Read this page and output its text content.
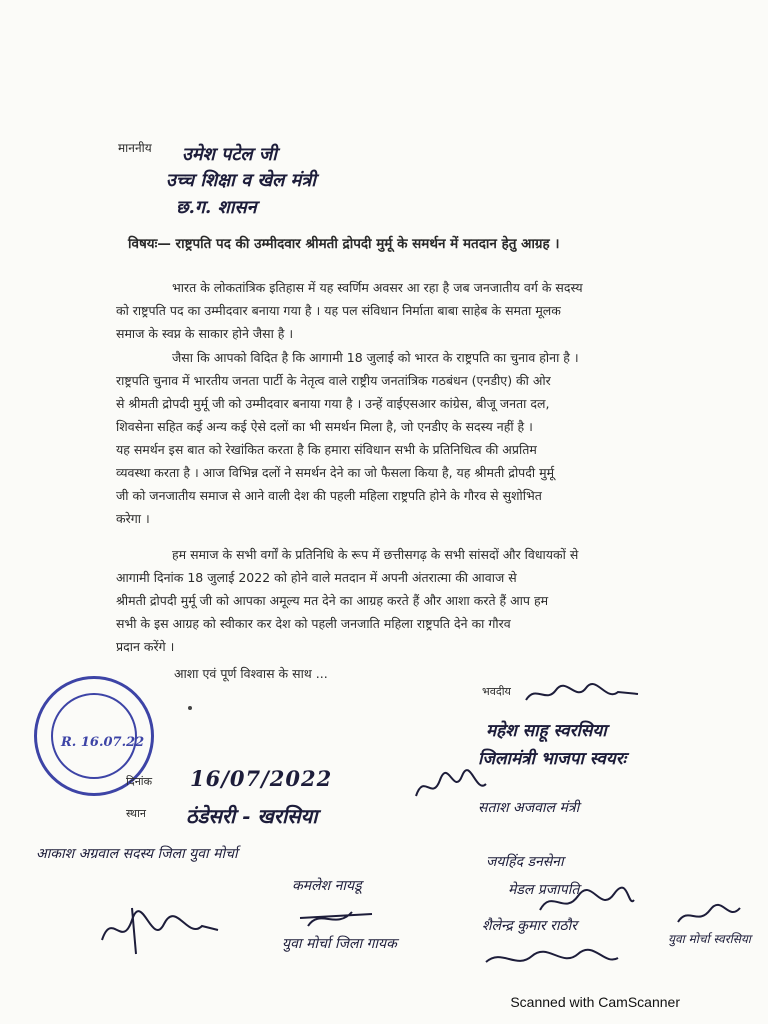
माननीय उमेश पटेल जी
उच्च शिक्षा व खेल मंत्री
छ.ग. शासन
विषयः— राष्ट्रपति पद की उम्मीदवार श्रीमती द्रोपदी मुर्मू के समर्थन में मतदान हेतु आग्रह ।
भारत के लोकतांत्रिक इतिहास में यह स्वर्णिम अवसर आ रहा है जब जनजातीय वर्ग के सदस्य
को राष्ट्रपति पद का उम्मीदवार बनाया गया है । यह पल संविधान निर्माता बाबा साहेब के समता मूलक
समाज के स्वप्न के साकार होने जैसा है ।
जैसा कि आपको विदित है कि आगामी 18 जुलाई को भारत के राष्ट्रपति का चुनाव होना है ।
राष्ट्रपति चुनाव में भारतीय जनता पार्टी के नेतृत्व वाले राष्ट्रीय जनतांत्रिक गठबंधन (एनडीए) की ओर
से श्रीमती द्रोपदी मुर्मू जी को उम्मीदवार बनाया गया है । उन्हें वाईएसआर कांग्रेस, बीजू जनता दल,
शिवसेना सहित कई अन्य कई ऐसे दलों का भी समर्थन मिला है, जो एनडीए के सदस्य नहीं है ।
यह समर्थन इस बात को रेखांकित करता है कि हमारा संविधान सभी के प्रतिनिधित्व की अप्रतिम
व्यवस्था करता है । आज विभिन्न दलों ने समर्थन देने का जो फैसला किया है, यह श्रीमती द्रोपदी मुर्मू
जी को जनजातीय समाज से आने वाली देश की पहली महिला राष्ट्रपति होने के गौरव से सुशोभित
करेगा ।
हम समाज के सभी वर्गों के प्रतिनिधि के रूप में छत्तीसगढ़ के सभी सांसदों और विधायकों से
आगामी दिनांक 18 जुलाई 2022 को होने वाले मतदान में अपनी अंतरात्मा की आवाज से
श्रीमती द्रोपदी मुर्मू जी को आपका अमूल्य मत देने का आग्रह करते हैं और आशा करते हैं आप हम
सभी के इस आग्रह को स्वीकार कर देश को पहली जनजाति महिला राष्ट्रपति देने का गौरव
प्रदान करेंगे ।
आशा एवं पूर्ण विश्वास के साथ ...
R. 16.07.22
भवदीय
महेश साहू स्वरसिया
जिलामंत्री भाजपा स्वयरः
दिनांक 16/07/2022
स्थान ठंडेसरी - खरसिया
आकाश अग्रवाल सदस्य जिला युवा मोर्चा
कमलेश नायडू
युवा मोर्चा जिला गायक
सताश अजवाल मंत्री
जयहिंद डनसेना
मेडल प्रजापति
शैलेन्द्र कुमार राठौर
युवा मोर्चा स्वरसिया
Scanned with CamScanner
